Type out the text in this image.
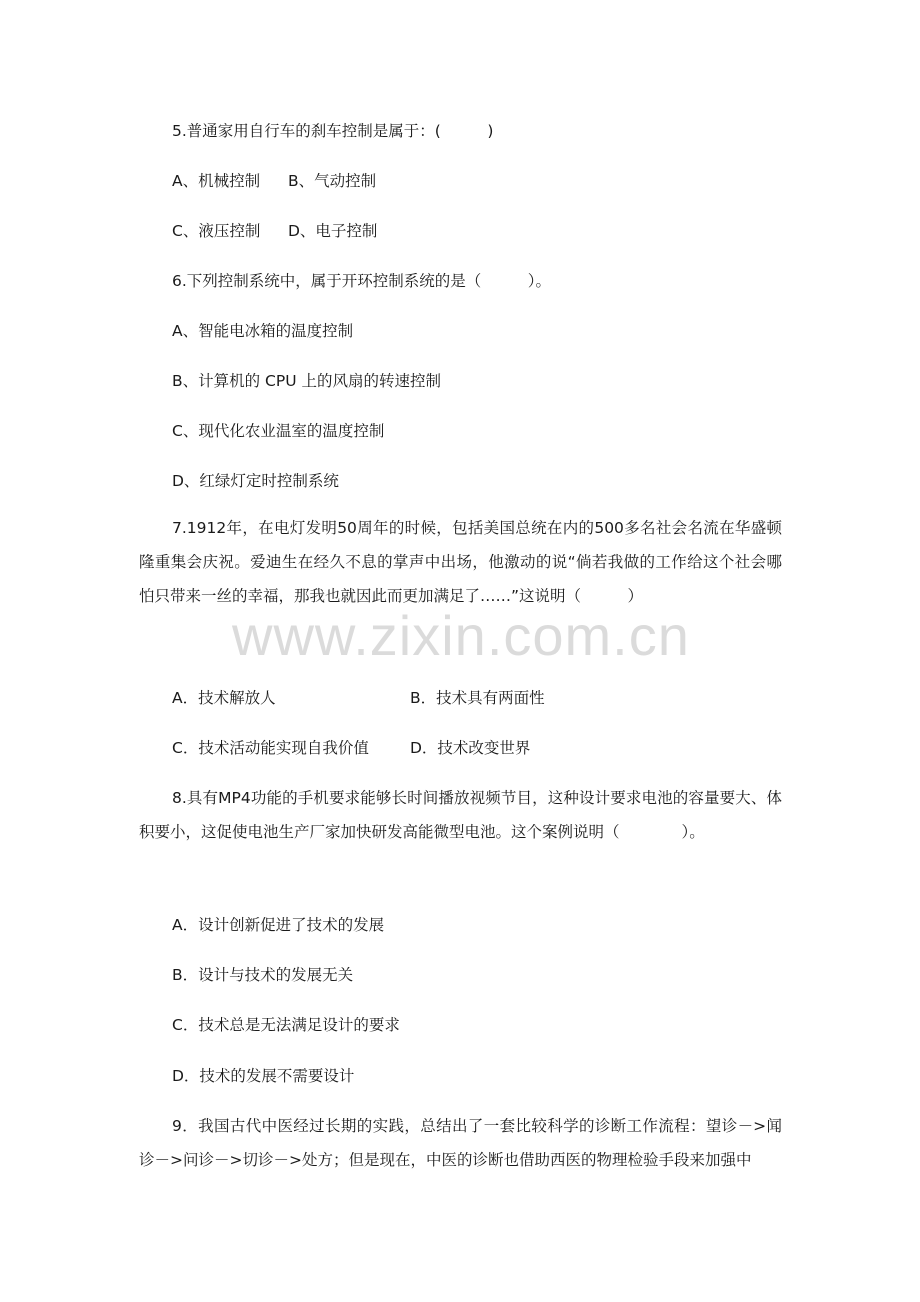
www.zixin.com.cn
5.普通家用自行车的刹车控制是属于：(　　　)
A、机械控制 B、气动控制
C、液压控制 D、电子控制
6.下列控制系统中，属于开环控制系统的是（　　　）。
A、智能电冰箱的温度控制
B、计算机的 CPU 上的风扇的转速控制
C、现代化农业温室的温度控制
D、红绿灯定时控制系统
7.1912年，在电灯发明50周年的时候，包括美国总统在内的500多名社会名流在华盛顿隆重集会庆祝。爱迪生在经久不息的掌声中出场，他激动的说“倘若我做的工作给这个社会哪怕只带来一丝的幸福，那我也就因此而更加满足了……”这说明（　　　）
A．技术解放人	B．技术具有两面性
C．技术活动能实现自我价值	D．技术改变世界
8.具有MP4功能的手机要求能够长时间播放视频节目，这种设计要求电池的容量要大、体积要小，这促使电池生产厂家加快研发高能微型电池。这个案例说明（　　　　）。
A．设计创新促进了技术的发展
B．设计与技术的发展无关
C．技术总是无法满足设计的要求
D．技术的发展不需要设计
9．我国古代中医经过长期的实践，总结出了一套比较科学的诊断工作流程：望诊－>闻诊－>问诊－>切诊－>处方；但是现在，中医的诊断也借助西医的物理检验手段来加强中
